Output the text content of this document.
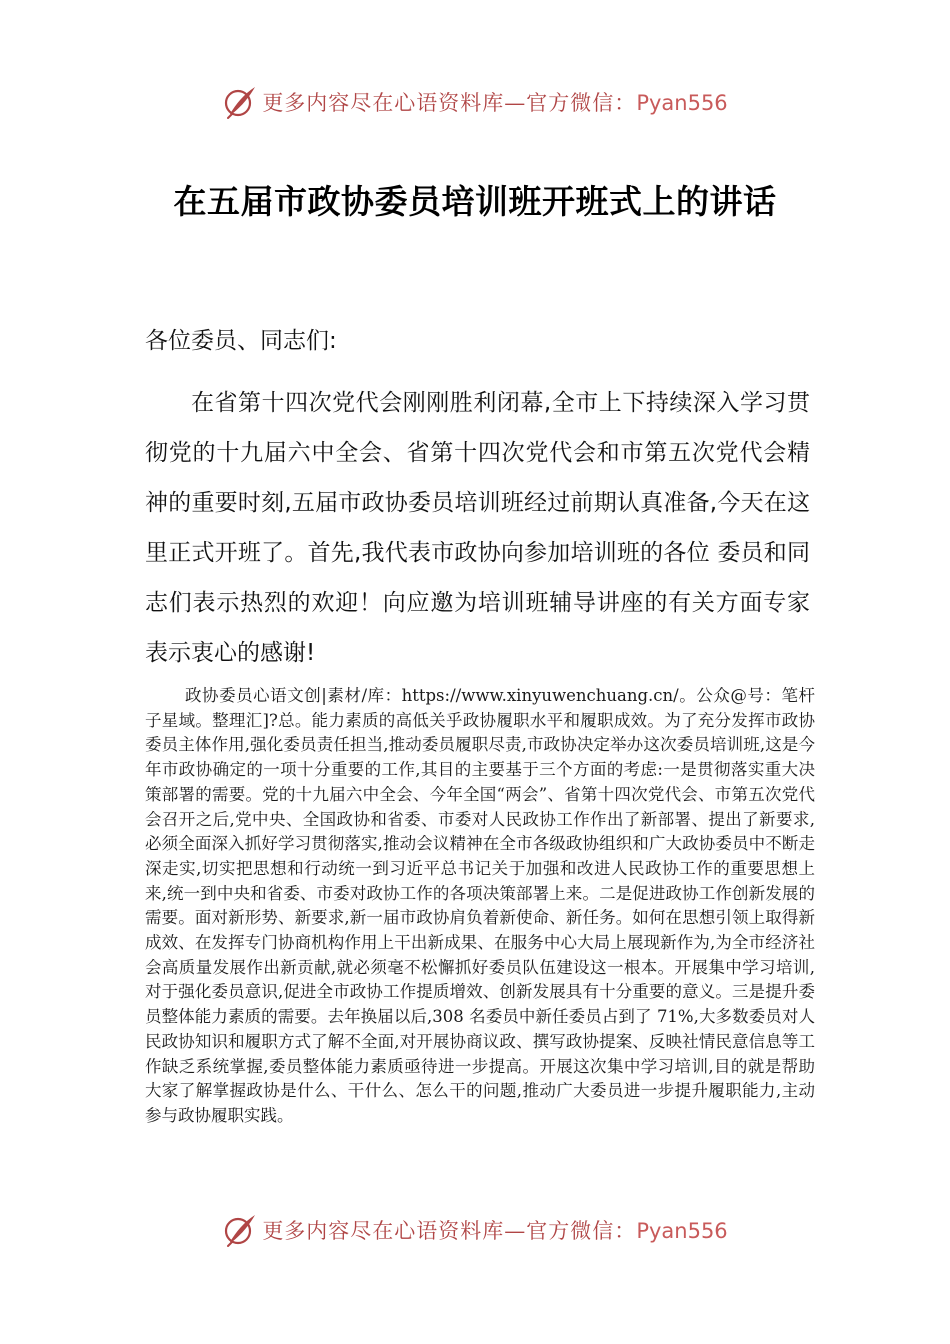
更多内容尽在心语资料库—官方微信：Pyan556
在五届市政协委员培训班开班式上的讲话

各位委员、同志们:

在省第十四次党代会刚刚胜利闭幕,全市上下持续深入学习贯彻党的十九届六中全会、省第十四次党代会和市第五次党代会精神的重要时刻,五届市政协委员培训班经过前期认真准备,今天在这里正式开班了。首先,我代表市政协向参加培训班的各位 委员和同志们表示热烈的欢迎！向应邀为培训班辅导讲座的有关方面专家表示衷心的感谢!

政协委员心语文创|素材/库：https://www.xinyuwenchuang.cn/。公众@号：笔杆子星域。整理汇]?总。能力素质的高低关乎政协履职水平和履职成效。为了充分发挥市政协委员主体作用,强化委员责任担当,推动委员履职尽责,市政协决定举办这次委员培训班,这是今年市政协确定的一项十分重要的工作,其目的主要基于三个方面的考虑:一是贯彻落实重大决策部署的需要。党的十九届六中全会、今年全国“两会”、省第十四次党代会、市第五次党代会召开之后,党中央、全国政协和省委、市委对人民政协工作作出了新部署、提出了新要求,必须全面深入抓好学习贯彻落实,推动会议精神在全市各级政协组织和广大政协委员中不断走深走实,切实把思想和行动统一到习近平总书记关于加强和改进人民政协工作的重要思想上来,统一到中央和省委、市委对政协工作的各项决策部署上来。二是促进政协工作创新发展的需要。面对新形势、新要求,新一届市政协肩负着新使命、新任务。如何在思想引领上取得新成效、在发挥专门协商机构作用上干出新成果、在服务中心大局上展现新作为,为全市经济社会高质量发展作出新贡献,就必须毫不松懈抓好委员队伍建设这一根本。开展集中学习培训,对于强化委员意识,促进全市政协工作提质增效、创新发展具有十分重要的意义。三是提升委员整体能力素质的需要。去年换届以后,308 名委员中新任委员占到了 71%,大多数委员对人民政协知识和履职方式了解不全面,对开展协商议政、撰写政协提案、反映社情民意信息等工作缺乏系统掌握,委员整体能力素质亟待进一步提高。开展这次集中学习培训,目的就是帮助大家了解掌握政协是什么、干什么、怎么干的问题,推动广大委员进一步提升履职能力,主动参与政协履职实践。

更多内容尽在心语资料库—官方微信：Pyan556
